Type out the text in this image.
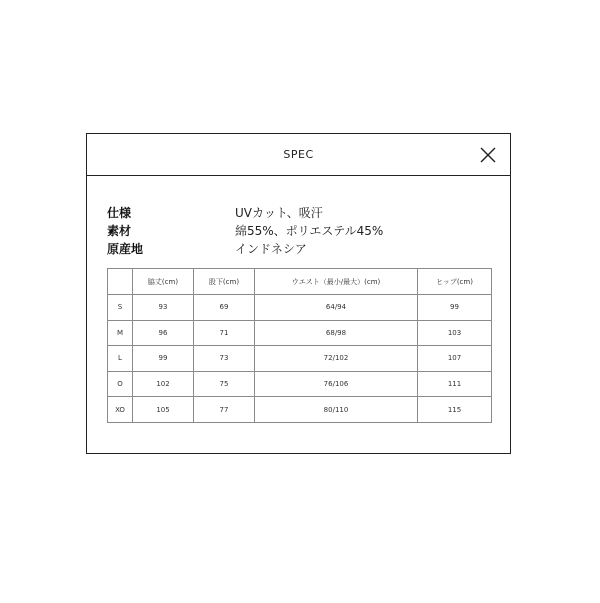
SPEC
仕様	UVカット、吸汗
素材	綿55%、ポリエステル45%
原産地	インドネシア
	脇丈(cm)	股下(cm)	ウエスト（最小/最大）(cm)	ヒップ(cm)
S	93	69	64/94	99
M	96	71	68/98	103
L	99	73	72/102	107
O	102	75	76/106	111
XO	105	77	80/110	115
